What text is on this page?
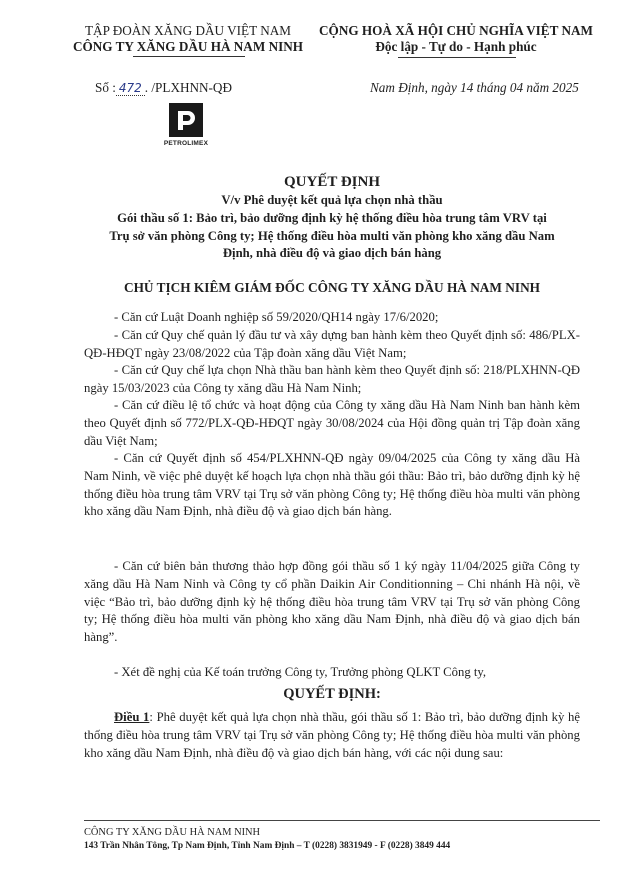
TẬP ĐOÀN XĂNG DẦU VIỆT NAM
CÔNG TY XĂNG DẦU HÀ NAM NINH
CỘNG HOÀ XÃ HỘI CHỦ NGHĨA VIỆT NAM
Độc lập - Tự do - Hạnh phúc
Số : 472 . /PLXHNN-QĐ	Nam Định, ngày 14 tháng 04 năm 2025
PETROLIMEX
QUYẾT ĐỊNH
V/v Phê duyệt kết quả lựa chọn nhà thầu
Gói thầu số 1: Bảo trì, bảo dưỡng định kỳ hệ thống điều hòa trung tâm VRV tại
Trụ sở văn phòng Công ty; Hệ thống điều hòa multi văn phòng kho xăng dầu Nam
Định, nhà điều độ và giao dịch bán hàng
CHỦ TỊCH KIÊM GIÁM ĐỐC CÔNG TY XĂNG DẦU HÀ NAM NINH
- Căn cứ Luật Doanh nghiệp số 59/2020/QH14 ngày 17/6/2020;
- Căn cứ Quy chế quản lý đầu tư và xây dựng ban hành kèm theo Quyết định số: 486/PLX-QĐ-HĐQT ngày 23/08/2022 của Tập đoàn xăng dầu Việt Nam;
- Căn cứ Quy chế lựa chọn Nhà thầu ban hành kèm theo Quyết định số: 218/PLXHNN-QĐ ngày 15/03/2023 của Công ty xăng dầu Hà Nam Ninh;
- Căn cứ điều lệ tổ chức và hoạt động của Công ty xăng dầu Hà Nam Ninh ban hành kèm theo Quyết định số 772/PLX-QĐ-HĐQT ngày 30/08/2024 của Hội đồng quản trị Tập đoàn xăng dầu Việt Nam;
- Căn cứ Quyết định số 454/PLXHNN-QĐ ngày 09/04/2025 của Công ty xăng dầu Hà Nam Ninh, về việc phê duyệt kế hoạch lựa chọn nhà thầu gói thầu: Bảo trì, bảo dưỡng định kỳ hệ thống điều hòa trung tâm VRV tại Trụ sở văn phòng Công ty; Hệ thống điều hòa multi văn phòng kho xăng dầu Nam Định, nhà điều độ và giao dịch bán hàng.
- Căn cứ biên bản thương thảo hợp đồng gói thầu số 1 ký ngày 11/04/2025 giữa Công ty xăng dầu Hà Nam Ninh và Công ty cổ phần Daikin Air Conditionning – Chi nhánh Hà nội, về việc “Bảo trì, bảo dưỡng định kỳ hệ thống điều hòa trung tâm VRV tại Trụ sở văn phòng Công ty; Hệ thống điều hòa multi văn phòng kho xăng dầu Nam Định, nhà điều độ và giao dịch bán hàng”.
- Xét đề nghị của Kế toán trưởng Công ty, Trưởng phòng QLKT Công ty,
QUYẾT ĐỊNH:
Điều 1: Phê duyệt kết quả lựa chọn nhà thầu, gói thầu số 1: Bảo trì, bảo dưỡng định kỳ hệ thống điều hòa trung tâm VRV tại Trụ sở văn phòng Công ty; Hệ thống điều hòa multi văn phòng kho xăng dầu Nam Định, nhà điều độ và giao dịch bán hàng, với các nội dung sau:
CÔNG TY XĂNG DẦU HÀ NAM NINH
143 Trần Nhân Tông, Tp Nam Định, Tỉnh Nam Định – T (0228) 3831949 - F (0228) 3849 444
